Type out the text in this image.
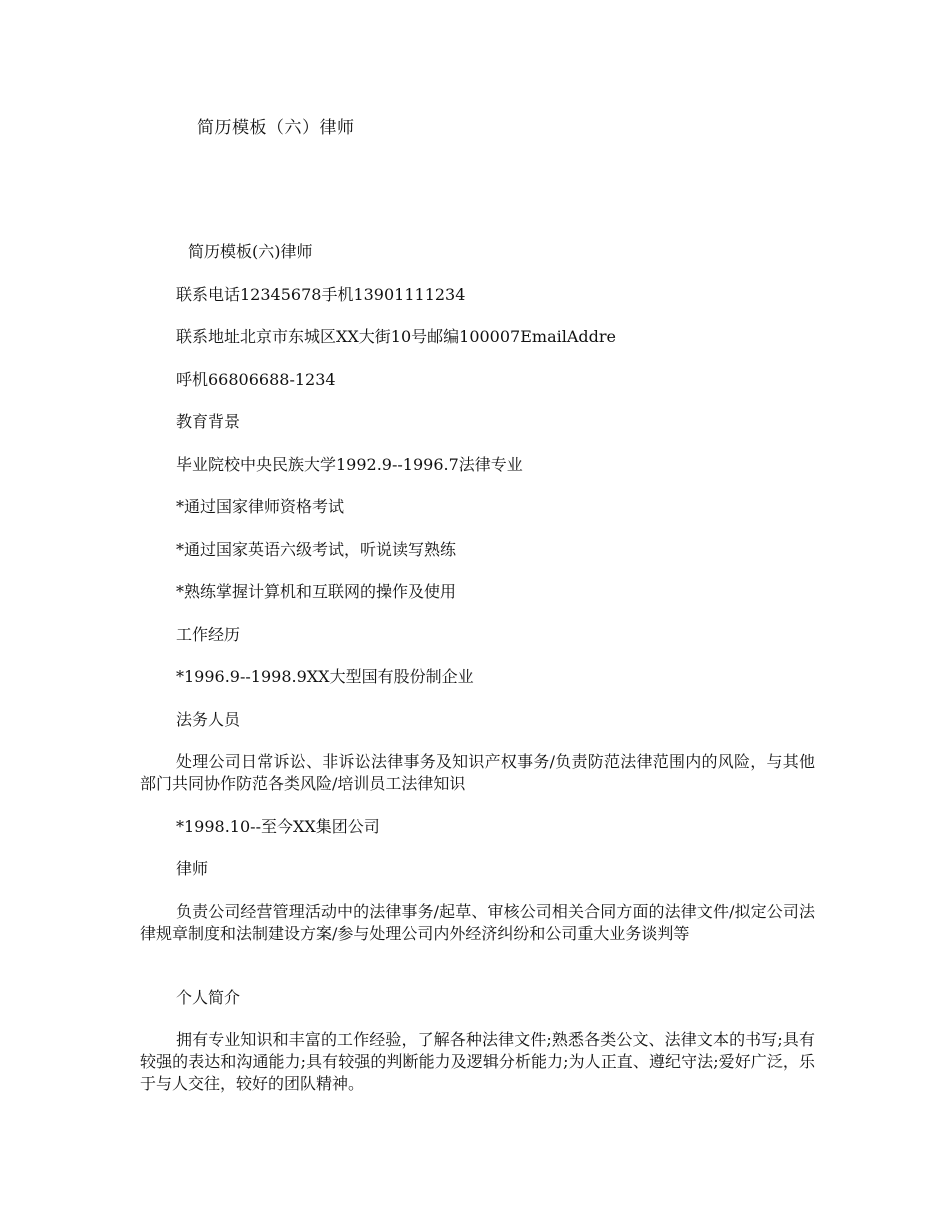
简历模板（六）律师
简历模板(六)律师
联系电话12345678手机13901111234
联系地址北京市东城区XX大街10号邮编100007EmailAddre
呼机66806688-1234
教育背景
毕业院校中央民族大学1992.9--1996.7法律专业
*通过国家律师资格考试
*通过国家英语六级考试，听说读写熟练
*熟练掌握计算机和互联网的操作及使用
工作经历
*1996.9--1998.9XX大型国有股份制企业
法务人员
处理公司日常诉讼、非诉讼法律事务及知识产权事务/负责防范法律范围内的风险，与其他部门共同协作防范各类风险/培训员工法律知识
*1998.10--至今XX集团公司
律师
负责公司经营管理活动中的法律事务/起草、审核公司相关合同方面的法律文件/拟定公司法律规章制度和法制建设方案/参与处理公司内外经济纠纷和公司重大业务谈判等
个人简介
拥有专业知识和丰富的工作经验，了解各种法律文件;熟悉各类公文、法律文本的书写;具有较强的表达和沟通能力;具有较强的判断能力及逻辑分析能力;为人正直、遵纪守法;爱好广泛，乐于与人交往，较好的团队精神。
